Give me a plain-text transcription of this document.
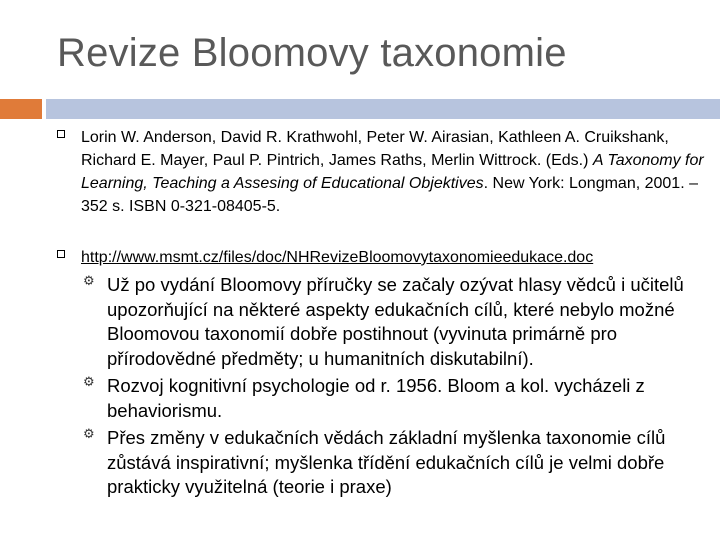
Revize Bloomovy taxonomie
Lorin W. Anderson, David R. Krathwohl, Peter W. Airasian, Kathleen A. Cruikshank, Richard E. Mayer, Paul P. Pintrich, James Raths, Merlin Wittrock. (Eds.) A Taxonomy for Learning, Teaching a Assesing of Educational Objektives. New York: Longman, 2001. – 352 s. ISBN 0-321-08405-5.
http://www.msmt.cz/files/doc/NHRevizeBloomovytaxonomieedukace.doc
⚙ Už po vydání Bloomovy příručky se začaly ozývat hlasy vědců i učitelů upozorňující na některé aspekty edukačních cílů, které nebylo možné Bloomovou taxonomií dobře postihnout (vyvinuta primárně pro přírodovědné předměty; u humanitních diskutabilní).
⚙ Rozvoj kognitivní psychologie od r. 1956. Bloom a kol. vycházeli z behaviorismu.
⚙ Přes změny v edukačních vědách základní myšlenka taxonomie cílů zůstává inspirativní; myšlenka třídění edukačních cílů je velmi dobře prakticky využitelná (teorie i praxe)
